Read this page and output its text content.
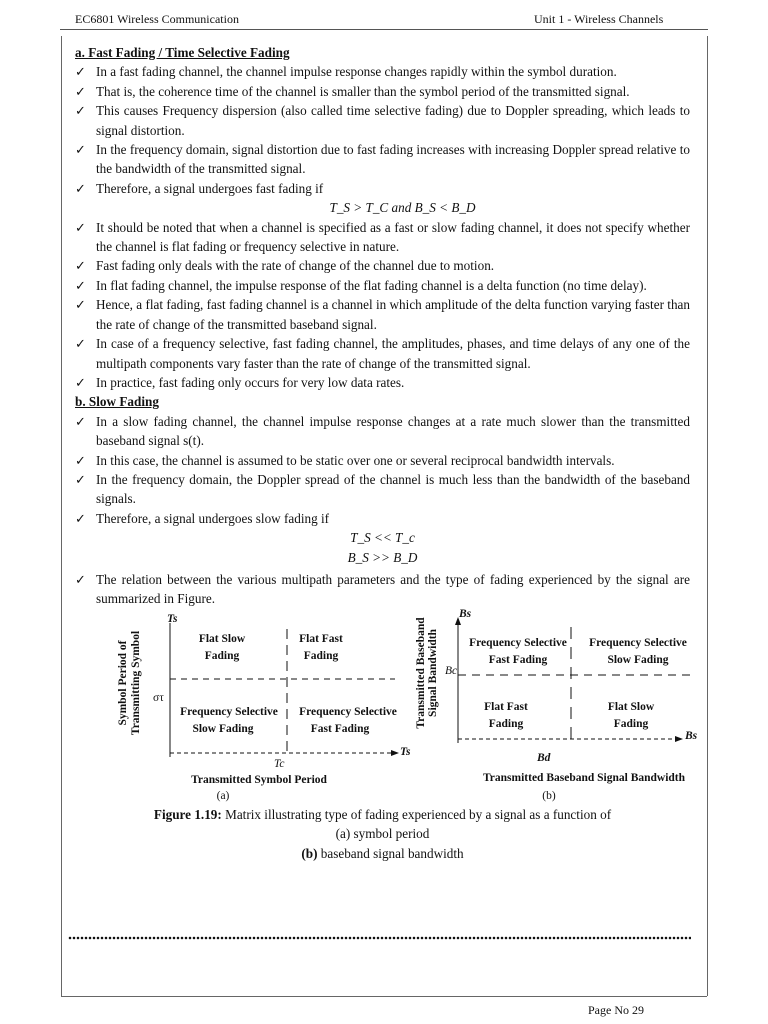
EC6801 Wireless Communication	Unit 1 - Wireless Channels
a. Fast Fading / Time Selective Fading
✓ In a fast fading channel, the channel impulse response changes rapidly within the symbol duration.
✓ That is, the coherence time of the channel is smaller than the symbol period of the transmitted signal.
✓ This causes Frequency dispersion (also called time selective fading) due to Doppler spreading, which leads to signal distortion.
✓ In the frequency domain, signal distortion due to fast fading increases with increasing Doppler spread relative to the bandwidth of the transmitted signal.
✓ Therefore, a signal undergoes fast fading if
T_S > T_C and B_S < B_D
✓ It should be noted that when a channel is specified as a fast or slow fading channel, it does not specify whether the channel is flat fading or frequency selective in nature.
✓ Fast fading only deals with the rate of change of the channel due to motion.
✓ In flat fading channel, the impulse response of the flat fading channel is a delta function (no time delay).
✓ Hence, a flat fading, fast fading channel is a channel in which amplitude of the delta function varying faster than the rate of change of the transmitted baseband signal.
✓ In case of a frequency selective, fast fading channel, the amplitudes, phases, and time delays of any one of the multipath components vary faster than the rate of change of the transmitted signal.
✓ In practice, fast fading only occurs for very low data rates.
b. Slow Fading
✓ In a slow fading channel, the channel impulse response changes at a rate much slower than the transmitted baseband signal s(t).
✓ In this case, the channel is assumed to be static over one or several reciprocal bandwidth intervals.
✓ In the frequency domain, the Doppler spread of the channel is much less than the bandwidth of the baseband signals.
✓ Therefore, a signal undergoes slow fading if
T_S << T_c
B_S >> B_D
✓ The relation between the various multipath parameters and the type of fading experienced by the signal are summarized in Figure.
Symbol Period of Transmitting Symbol
Ts
στ
Tc
Ts
Flat Slow
Fading
Flat Fast
Fading
Frequency Selective
Slow Fading
Frequency Selective
Fast Fading
Transmitted Symbol Period
(a)
Transmitted Baseband Signal Bandwidth
Bs
Bc
Bd
Bs
Frequency Selective
Fast Fading
Frequency Selective
Slow Fading
Flat Fast
Fading
Flat Slow
Fading
Transmitted Baseband Signal Bandwidth
(b)
Figure 1.19: Matrix illustrating type of fading experienced by a signal as a function of
(a) symbol period
(b) baseband signal bandwidth
Page No 29
